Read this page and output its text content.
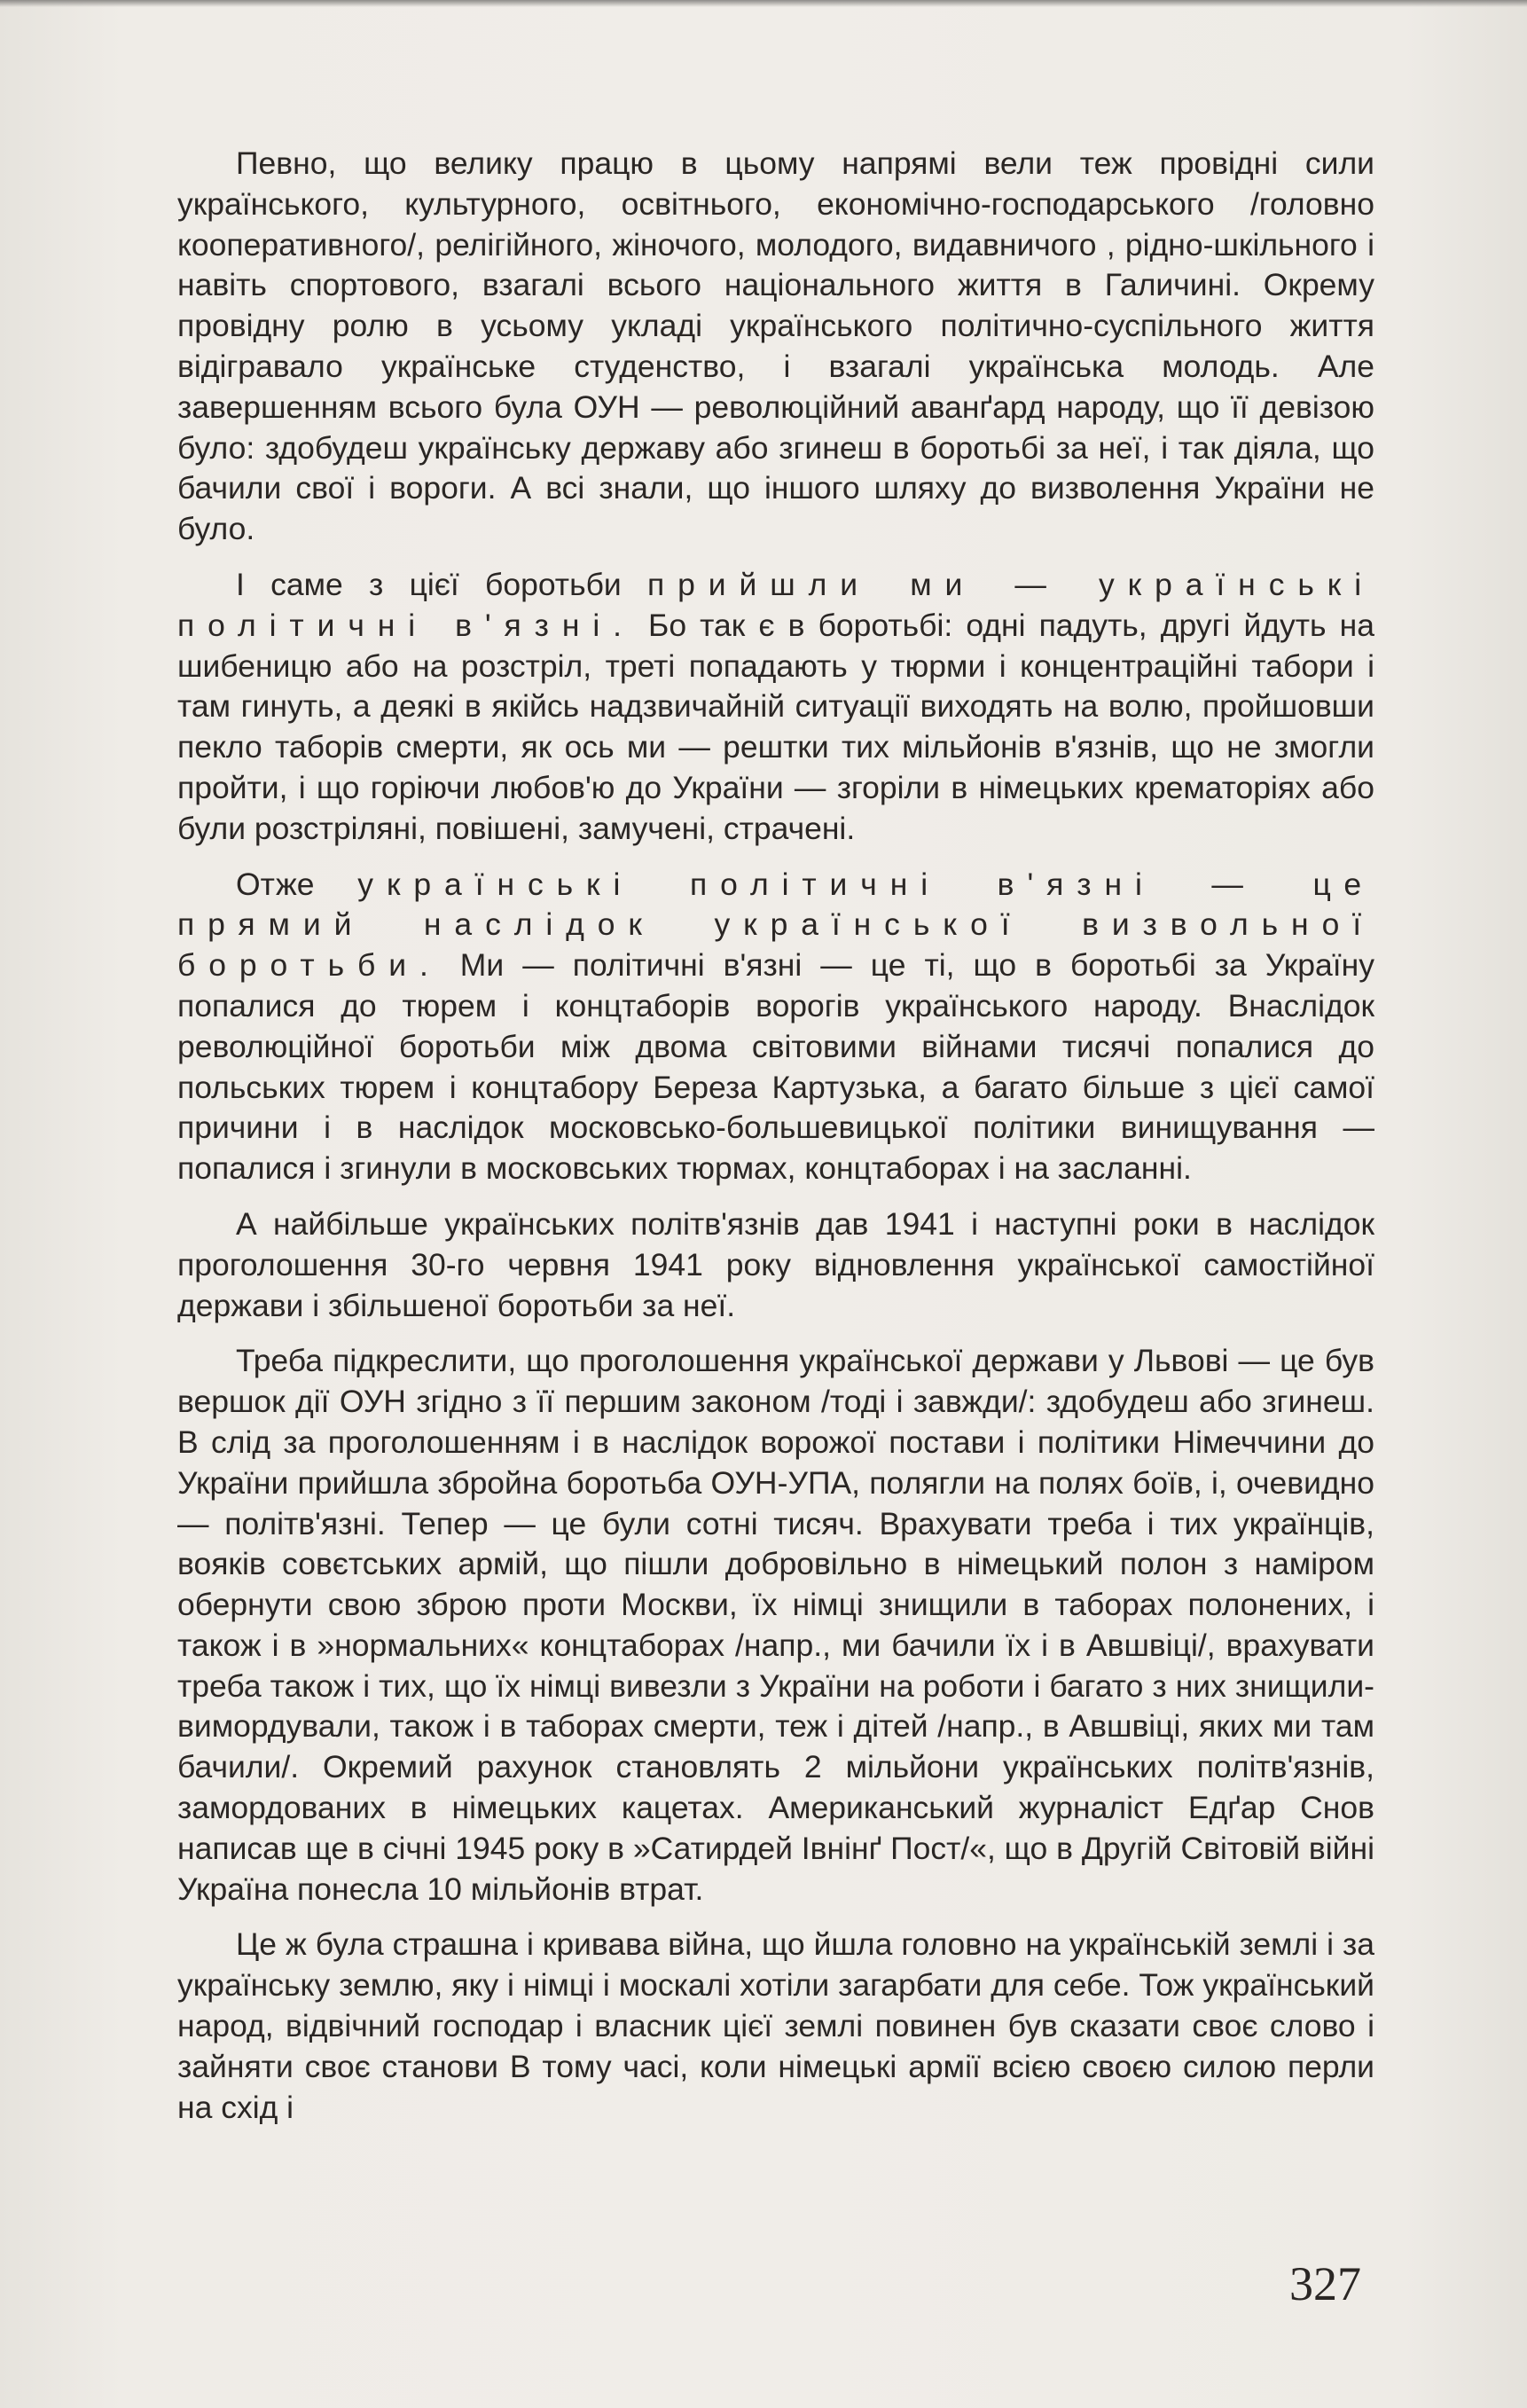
Певно, що велику працю в цьому напрямі вели теж провідні сили українського, культурного, освітнього, економічно-господарського /головно кооперативного/, релігійного, жіночого, молодого, видавничого , рідно-шкільного і навіть спортового, взагалі всього національного життя в Галичині. Окрему провідну ролю в усьому укладі українського політично-суспільного життя відігравало українське студенство, і взагалі українська молодь. Але завершенням всього була ОУН — революційний аванґард народу, що її девізою було: здобудеш українську державу або згинеш в боротьбі за неї, і так діяла, що бачили свої і вороги. А всі знали, що іншого шляху до визволення України не було.

І саме з цієї боротьби прийшли ми — українські політичні в'язні. Бо так є в боротьбі: одні падуть, другі йдуть на шибеницю або на розстріл, треті попадають у тюрми і концентраційні табори і там гинуть, а деякі в якійсь надзвичайній ситуації виходять на волю, пройшовши пекло таборів смерти, як ось ми — рештки тих мільйонів в'язнів, що не змогли пройти, і що горіючи любов'ю до України — згоріли в німецьких крематоріях або були розстріляні, повішені, замучені, страчені.

Отже українські політичні в'язні — це прямий наслідок української визвольної боротьби. Ми — політичні в'язні — це ті, що в боротьбі за Україну попалися до тюрем і концтаборів ворогів українського народу. Внаслідок революційної боротьби між двома світовими війнами тисячі попалися до польських тюрем і концтабору Береза Картузька, а багато більше з цієї самої причини і в наслідок московсько-большевицької політики винищування — попалися і згинули в московських тюрмах, концтаборах і на засланні.

А найбільше українських політв'язнів дав 1941 і наступні роки в наслідок проголошення 30-го червня 1941 року відновлення української самостійної держави і збільшеної боротьби за неї.

Треба підкреслити, що проголошення української держави у Львові — це був вершок дії ОУН згідно з її першим законом /тоді і завжди/: здобудеш або згинеш. В слід за проголошенням і в наслідок ворожої постави і політики Німеччини до України прийшла збройна боротьба ОУН-УПА, полягли на полях боїв, і, очевидно — політв'язні. Тепер — це були сотні тисяч. Врахувати треба і тих українців, вояків совєтських армій, що пішли добровільно в німецький полон з наміром обернути свою зброю проти Москви, їх німці знищили в таборах полонених, і також і в »нормальних« концтаборах /напр., ми бачили їх і в Авшвіці/, врахувати треба також і тих, що їх німці вивезли з України на роботи і багато з них знищили-вимордували, також і в таборах смерти, теж і дітей /напр., в Авшвіці, яких ми там бачили/. Окремий рахунок становлять 2 мільйони українських політв'язнів, замордованих в німецьких кацетах. Американський журналіст Едґар Снов написав ще в січні 1945 року в »Сатирдей Івнінґ Пост/«, що в Другій Світовій війні Україна понесла 10 мільйонів втрат.

Це ж була страшна і кривава війна, що йшла головно на українській землі і за українську землю, яку і німці і москалі хотіли загарбати для себе. Тож український народ, відвічний господар і власник цієї землі повинен був сказати своє слово і зайняти своє станови В тому часі, коли німецькі армії всією своєю силою перли на схід і

327
